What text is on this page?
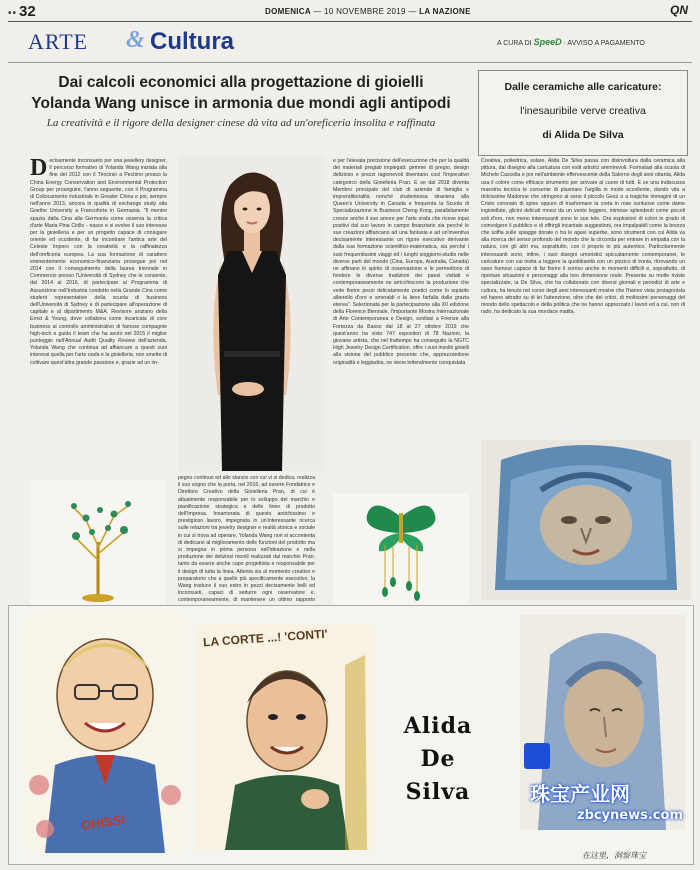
•• 32	DOMENICA — 10 NOVEMBRE 2019 — LA NAZIONE	QN
ARTE & Cultura	A CURA DI SpeeD · AVVISO A PAGAMENTO
Dai calcoli economici alla progettazione di gioielli
Yolanda Wang unisce in armonia due mondi agli antipodi
La creatività e il rigore della designer cinese dà vita ad un'oreficeria insolita e raffinata
Decisamente inconsueto per una jewellery designer, il percorso formativo di Yolanda Wang iniziata alla fine del 2012 con il Tirocinio a Pechino presso la China Energy Conservation and Environmental Protection Group per proseguire, l'anno seguente, con il Programma di Collocamento industriale in Greater China e poi, sempre nell'anno 2013, ancora in qualità di exchange study alla Goethe University a Francoforte in Germania. "Il mentre spazia dalla Cina alla Germania come osserva la critica d'arte Maria Pina Cirillo - nasce e si evolve il suo interesse per la gioielleria e per un progetto capace di coniugare oriente ed occidente, di far incontrare l'antica arte del Celeste Impero con la creatività e la raffinatezza dell'oreficeria europea. La sua formazione di carattere eminentemente economico-finanziaria prosegue poi nel 2014 con il conseguimento della laurea triennale in Commercio presso l'Università di Sydney che le consente, dal 2014 al 2016, di partecipare al Programma di Assunzione nell'Industria condotto nella Grande Cina come student representative della scuola di business dell'Università di Sydney e di partecipare all'operazione di capitale e al dipartimento M&A. Revisore anziano della Ernst & Young, dove collabora come incaricata di core business al controllo amministrativo di famose compagnie high-tech e guida il team che ha avuto nel 2015 il miglior punteggio nell'Annual Audit Quality Review dell'azienda, Yolanda Wang che continua ad affiancare a questi suoi interessi quella per l'arte orafa e la gioielleria, non smette di coltivare quest'altra grande passione e, grazie ad un im-
pegno continuo ed allo slancio con cui vi si dedica, realizza il suo sogno che la porta, nel 2016, ad essere Fondatrice e Direttore Creativo della Gioielleria Pran, di cui è attualmente responsabile per lo sviluppo del marchio e pianificazione strategica e delle linee di prodotto dell'Impresa. Innamorata di questo antichissimo e prestigioso lavoro, impegnata in un'interessante ricerca sulle relazioni tra jewelry designer e realtà storica e sociale in cui si trova ad operare, Yolanda Wang non si accontenta di dedicarsi al miglioramento delle funzioni del prodotto ma si impegna in prima persona nell'ideazione e nella produzione dei deliziosi monili realizzati dal marchio Pran: tanto da essere anche capo progettista e responsabile per il design di tutta la linea. Attenta sia al momento creativo e preparatorio che a quello più specificamente esecutivo, la Wang traduce il suo estro in pezzi decisamente belli ed inconsueti, capaci di sedurre ogni osservatore e, contemporaneamente, di mantenere un ottimo rapporto
e per l'elevata precisione dell'esecuzione che per la qualità dei materiali pregiati impiegati: gemme di pregio, design delizioso e prezzi ragionevoli diventano così l'imperativo categorico della Gioielleria Pran. E se dal 2018 diventa Membro principale del club di aziende di famiglia e imprenditorialità nonché studentessa straniera alla Queen's University in Canada e frequenta la Scuola di Specializzazione in Business Cheng Kong, parallelamente cresce anche il suo amore per l'arte orafa che riceve input positivi dal suo lavoro in campo finanziario sia perché le sue creazioni affiancano ad una fantasia e ad un'inventiva decisamente interessante un rigore esecutivo derivante dalla sua formazione scientifico-matematica, sia perché i suoi frequentissimi viaggi ed i lunghi soggiorni-studio nelle diverse parti del mondo (Cina, Europa, Australia, Canada) ne affinano lo spirito di osservazione e le permettono di fondere le diverse tradizioni dei paesi visitati e contemporaneamente ne arricchiscono la produzione che vede fiorire pezzi delicatamente poetici come lo squisito alberello d'oro e smeraldi o la lieve farfalla dalla grazia eterea". Selezionata per la partecipazione alla XII edizione della Florence Biennale, l'importante Mostra Internazionale di Arte Contemporanea e Design, svoltasi a Firenze alla Fortezza da Basso dal 18 al 27 ottobre 2019 che quest'anno ha visto 747 espositori di 78 Nazioni, la giovane artista, che nel frattempo ha conseguito la NGTC High Jewelry Design Certification, offre i suoi insoliti gioielli alla visione del pubblico presente che, apprezzandone originalità e leggiadria, ne viene letteralmente conquistata
Dalle ceramiche alle caricature:
l'inesauribile verve creativa
di Alida De Silva
Creativa, poliedrica, solare, Alida De Silva passa con disinvoltura dalla ceramica alla pittura, dal disegno alla caricatura con esiti artistici ammirevoli. Formatasi alla scuola di Michele Cascella e poi nell'ambiente effervescente della Salerno degli anni ottanta, Alida usa il colore come efficace strumento per arrivare al cuore di tutti. E se una indiscussa maestria tecnica le consente di plasmare l'argilla in modo eccellente, dando vita a dolcissime Madonne che stringono al seno il piccolo Gesù o a tragiche immagini di un Cristo coronato di spine oppure di trasformare la creta in rose sontuose come dame ingioiellate, glicini delicati mossi da un vento leggero, mimose splendenti come piccoli soli d'oro, non meno interessanti sono le sue tele. Ora esplosioni di colori in grado di coinvolgere il pubblico e di offrirgli incantate suggestioni, ora impalpabili come la brezza che soffia sulle spiagge dorate o tra le agavi superbe, sono strumenti con cui Alida va alla ricerca del senso profondo del mondo che la circonda per entrare in empatia con la natura, con gli altri ma, soprattutto, con il proprio io più autentico. Particolarmente interessanti sono, infine, i suoi disegni umoristici spiccatamente contemporanei, le caricature con cui invita a leggere la quotidianità con un pizzico di ironia, ritrovando un sano humour capace di far fiorire il sorriso anche in momenti difficili e, soprattutto, di riportare situazioni e personaggi alla loro dimensione reale. Presente su molte riviste specializzate, la De Silva, che ha collaborato con diversi giornali e periodici di arte e cultura, ha tenuto nel corso degli anni interessanti mostre che l'hanno vista protagonista ed hanno attratto su di lei l'attenzione, oltre che dei critici, di moltissimi personaggi del mondo dello spettacolo e della politica che ne hanno apprezzato i lavori ed a cui, non di rado, ha dedicato la sua mordace matita.
OHISSI
LA CORTE ...! 'CONTI'
Alida
De
Silva	珠宝产业网
zbcynews.com
在这里，洞察珠宝
